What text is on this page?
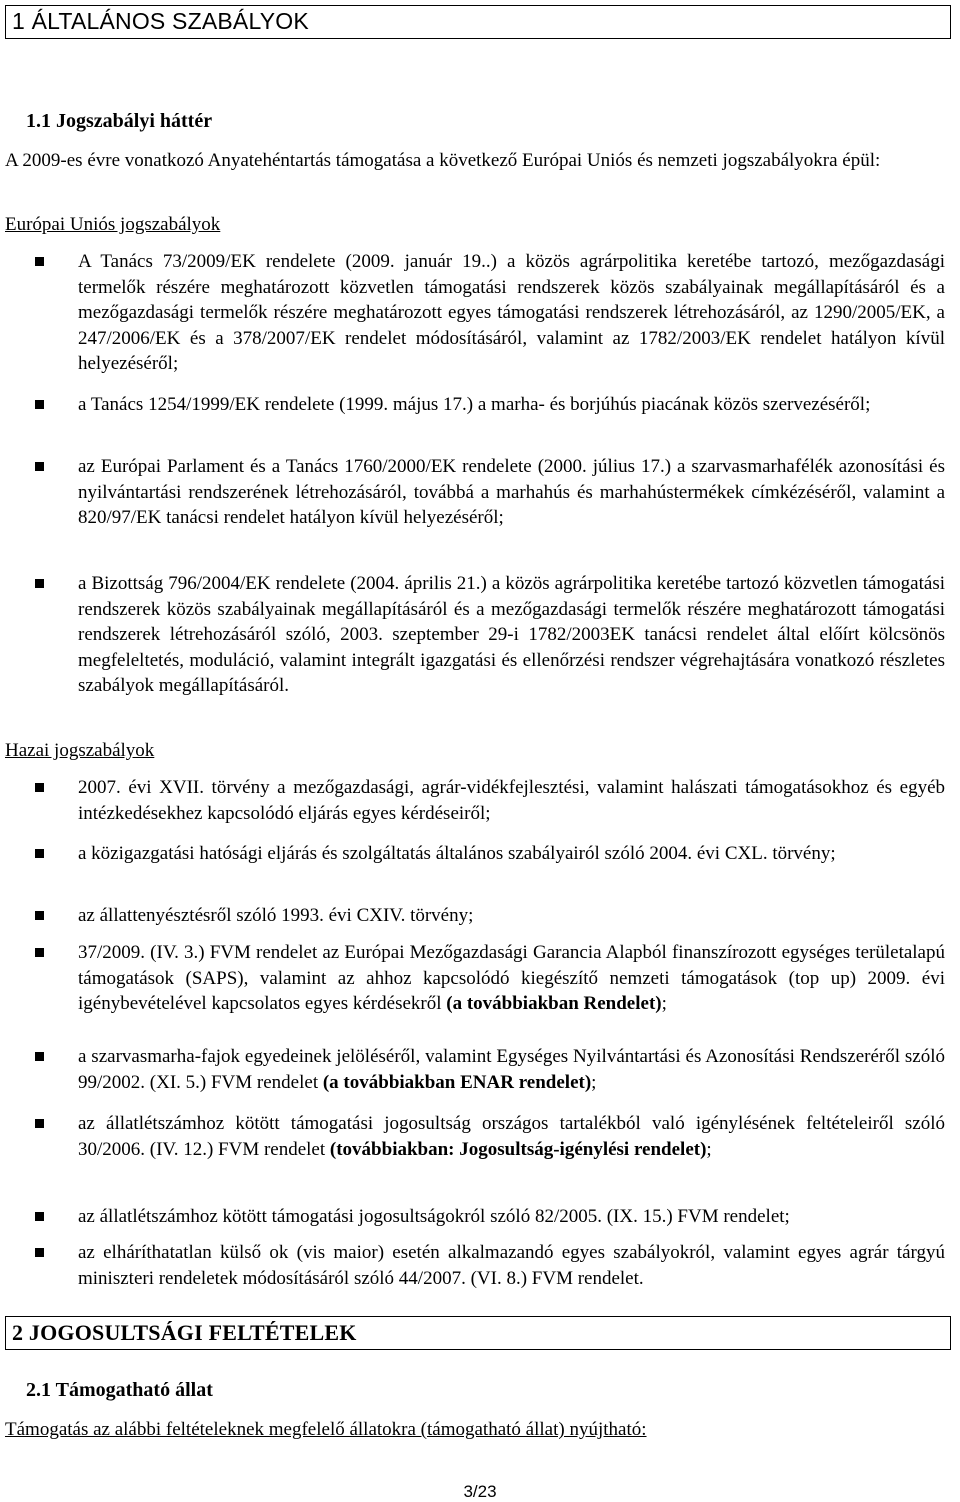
1 ÁLTALÁNOS SZABÁLYOK
1.1 Jogszabályi háttér
A 2009-es évre vonatkozó Anyatehéntartás támogatása a következő Európai Uniós és nemzeti jogszabályokra épül:
Európai Uniós jogszabályok
A Tanács 73/2009/EK rendelete (2009. január 19..) a közös agrárpolitika keretébe tartozó, mezőgazdasági termelők részére meghatározott közvetlen támogatási rendszerek közös szabályainak megállapításáról és a mezőgazdasági termelők részére meghatározott egyes támogatási rendszerek létrehozásáról, az 1290/2005/EK, a 247/2006/EK és a 378/2007/EK rendelet módosításáról, valamint az 1782/2003/EK rendelet hatályon kívül helyezéséről;
a Tanács 1254/1999/EK rendelete (1999. május 17.) a marha- és borjúhús piacának közös szervezéséről;
az Európai Parlament és a Tanács 1760/2000/EK rendelete (2000. július 17.) a szarvasmarhafélék azonosítási és nyilvántartási rendszerének létrehozásáról, továbbá a marhahús és marhahústermékek címkézéséről, valamint a 820/97/EK tanácsi rendelet hatályon kívül helyezéséről;
a Bizottság 796/2004/EK rendelete (2004. április 21.) a közös agrárpolitika keretébe tartozó közvetlen támogatási rendszerek közös szabályainak megállapításáról és a mezőgazdasági termelők részére meghatározott támogatási rendszerek létrehozásáról szóló, 2003. szeptember 29-i 1782/2003EK tanácsi rendelet által előírt kölcsönös megfeleltetés, moduláció, valamint integrált igazgatási és ellenőrzési rendszer végrehajtására vonatkozó részletes szabályok megállapításáról.
Hazai jogszabályok
2007. évi XVII. törvény a mezőgazdasági, agrár-vidékfejlesztési, valamint halászati támogatásokhoz és egyéb intézkedésekhez kapcsolódó eljárás egyes kérdéseiről;
a közigazgatási hatósági eljárás és szolgáltatás általános szabályairól szóló 2004. évi CXL. törvény;
az állattenyésztésről szóló 1993. évi CXIV. törvény;
37/2009. (IV. 3.) FVM rendelet az Európai Mezőgazdasági Garancia Alapból finanszírozott egységes területalapú támogatások (SAPS), valamint az ahhoz kapcsolódó kiegészítő nemzeti támogatások (top up) 2009. évi igénybevételével kapcsolatos egyes kérdésekről (a továbbiakban Rendelet);
a szarvasmarha-fajok egyedeinek jelöléséről, valamint Egységes Nyilvántartási és Azonosítási Rendszeréről szóló 99/2002. (XI. 5.) FVM rendelet (a továbbiakban ENAR rendelet);
az állatlétszámhoz kötött támogatási jogosultság országos tartalékból való igénylésének feltételeiről szóló 30/2006. (IV. 12.) FVM rendelet (továbbiakban: Jogosultság-igénylési rendelet);
az állatlétszámhoz kötött támogatási jogosultságokról szóló 82/2005. (IX. 15.) FVM rendelet;
az elháríthatatlan külső ok (vis maior) esetén alkalmazandó egyes szabályokról, valamint egyes agrár tárgyú miniszteri rendeletek módosításáról szóló 44/2007. (VI. 8.) FVM rendelet.
2 JOGOSULTSÁGI FELTÉTELEK
2.1 Támogatható állat
Támogatás az alábbi feltételeknek megfelelő állatokra (támogatható állat) nyújtható:
3/23
